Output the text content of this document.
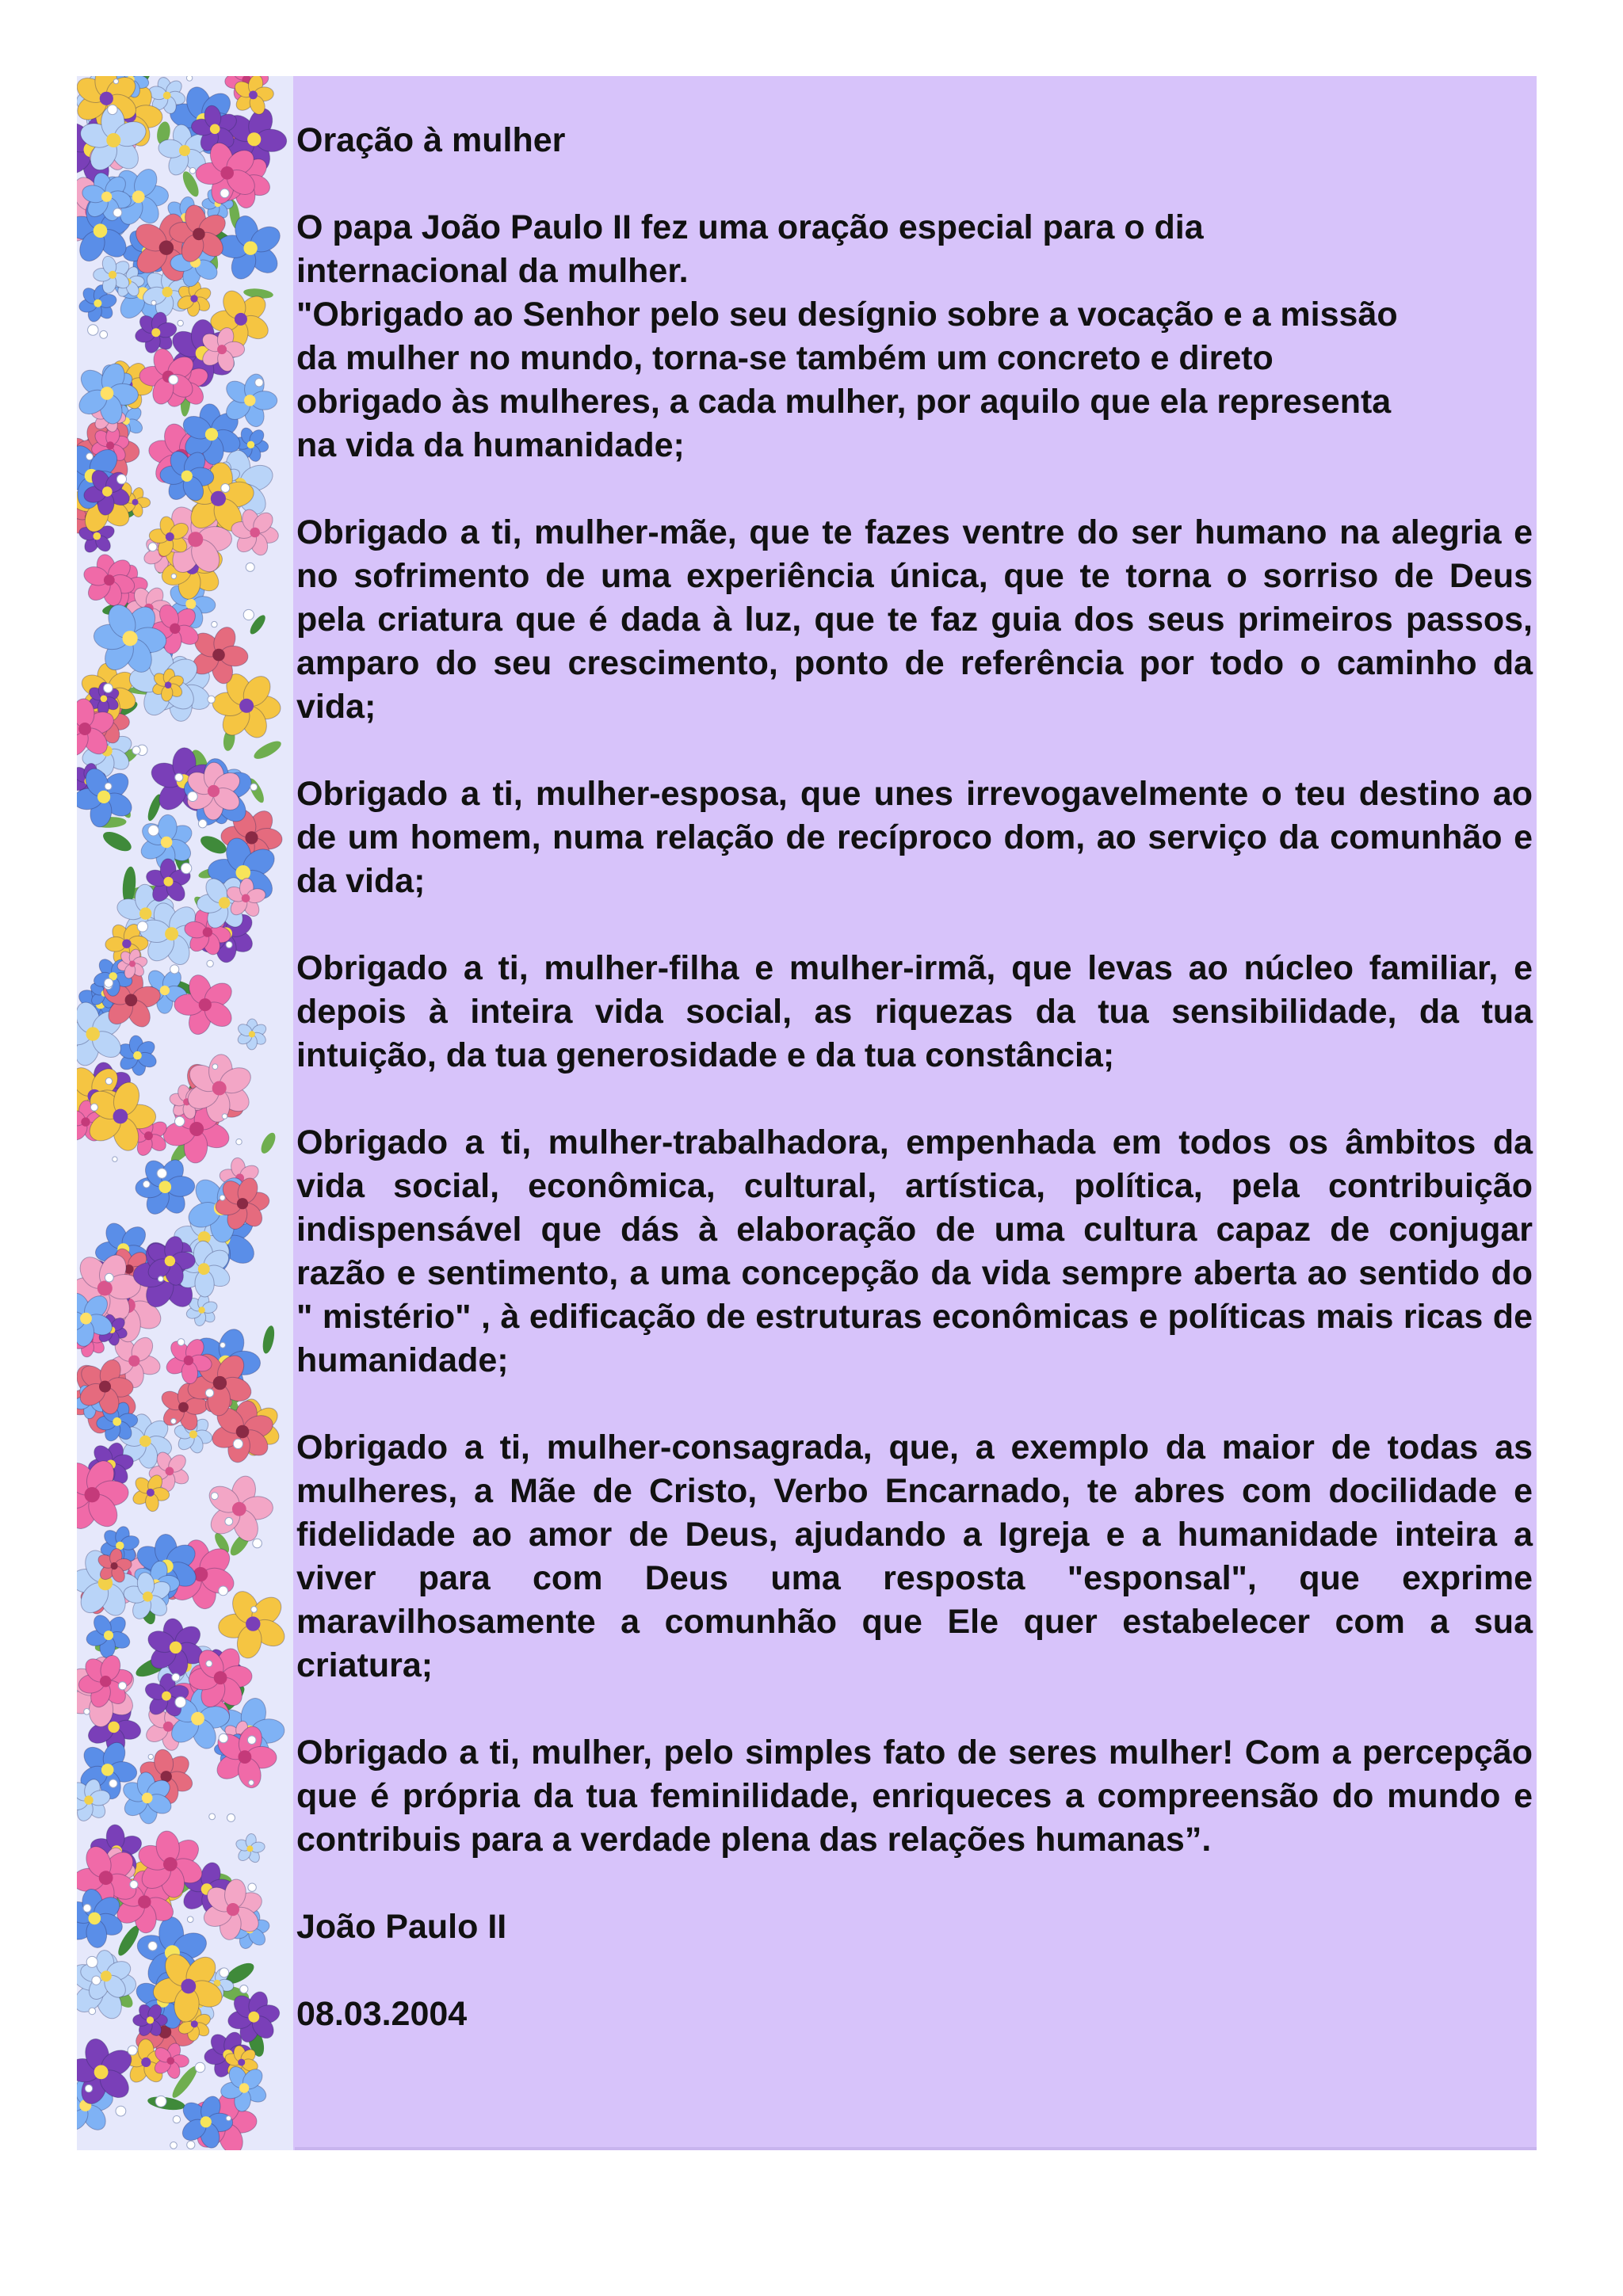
Oração à mulher
O papa João Paulo II fez uma oração especial para o dia
internacional da mulher.
"Obrigado ao Senhor pelo seu desígnio sobre a vocação e a missão
da mulher no mundo, torna-se também um concreto e direto
obrigado às mulheres, a cada mulher, por aquilo que ela representa
na vida da humanidade;

Obrigado a ti, mulher-mãe, que te fazes ventre do ser humano na alegria e no sofrimento de uma experiência única, que te torna o sorriso de Deus pela criatura que é dada à luz, que te faz guia dos seus primeiros passos, amparo do seu crescimento, ponto de referência por todo o caminho da vida;

Obrigado a ti, mulher-esposa, que unes irrevogavelmente o teu destino ao de um homem, numa relação de recíproco dom, ao serviço da comunhão e da vida;

Obrigado a ti, mulher-filha e mulher-irmã, que levas ao núcleo familiar, e depois à inteira vida social, as riquezas da tua sensibilidade, da tua intuição, da tua generosidade e da tua constância;

Obrigado a ti, mulher-trabalhadora, empenhada em todos os âmbitos da vida social, econômica, cultural, artística, política, pela contribuição indispensável que dás à elaboração de uma cultura capaz de conjugar razão e sentimento, a uma concepção da vida sempre aberta ao sentido do " mistério" , à edificação de estruturas econômicas e políticas mais ricas de humanidade;

Obrigado a ti, mulher-consagrada, que, a exemplo da maior de todas as mulheres, a Mãe de Cristo, Verbo Encarnado, te abres com docilidade e fidelidade ao amor de Deus, ajudando a Igreja e a humanidade inteira a viver para com Deus uma resposta "esponsal", que exprime maravilhosamente a comunhão que Ele quer estabelecer com a sua criatura;

Obrigado a ti, mulher, pelo simples fato de seres mulher! Com a percepção que é própria da tua feminilidade, enriqueces a compreensão do mundo e contribuis para a verdade plena das relações humanas”.

João Paulo II

08.03.2004
